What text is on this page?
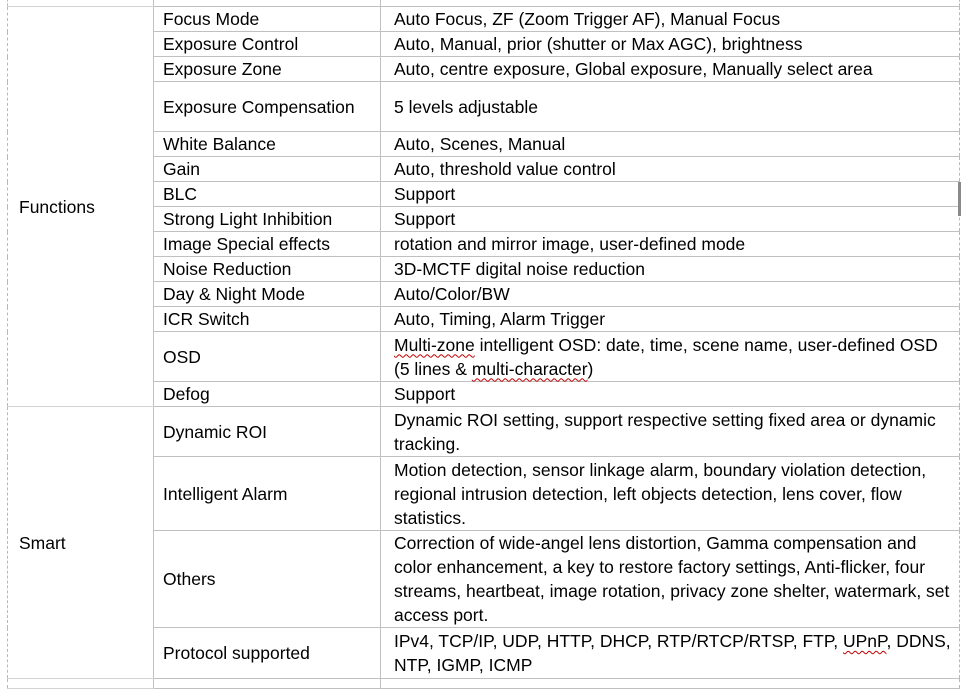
Functions	Focus Mode	Auto Focus, ZF (Zoom Trigger AF), Manual Focus
	Exposure Control	Auto, Manual, prior (shutter or Max AGC), brightness
	Exposure Zone	Auto, centre exposure, Global exposure, Manually select area
	Exposure Compensation	5 levels adjustable
	White Balance	Auto, Scenes, Manual
	Gain	Auto, threshold value control
	BLC	Support
	Strong Light Inhibition	Support
	Image Special effects	rotation and mirror image, user-defined mode
	Noise Reduction	3D-MCTF digital noise reduction
	Day & Night Mode	Auto/Color/BW
	ICR Switch	Auto, Timing, Alarm Trigger
	OSD	Multi-zone intelligent OSD: date, time, scene name, user-defined OSD (5 lines & multi-character)
	Defog	Support
Smart	Dynamic ROI	Dynamic ROI setting, support respective setting fixed area or dynamic tracking.
	Intelligent Alarm	Motion detection, sensor linkage alarm, boundary violation detection, regional intrusion detection, left objects detection, lens cover, flow statistics.
	Others	Correction of wide-angel lens distortion, Gamma compensation and color enhancement, a key to restore factory settings, Anti-flicker, four streams, heartbeat, image rotation, privacy zone shelter, watermark, set access port.
	Protocol supported	IPv4, TCP/IP, UDP, HTTP, DHCP, RTP/RTCP/RTSP, FTP, UPnP, DDNS, NTP, IGMP, ICMP
